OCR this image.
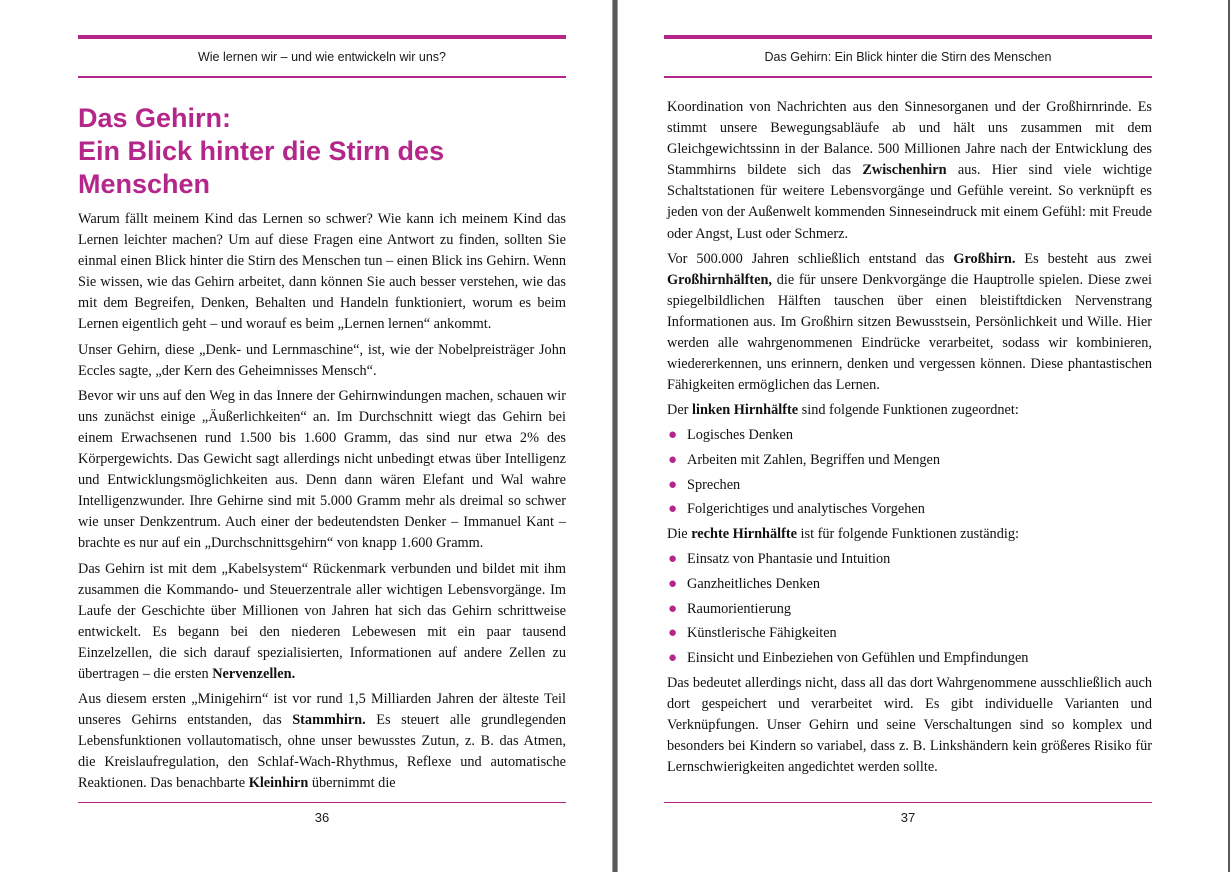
Wie lernen wir – und wie entwickeln wir uns?
Das Gehirn:
Ein Blick hinter die Stirn des Menschen

Warum fällt meinem Kind das Lernen so schwer? Wie kann ich meinem Kind das Lernen leichter machen? Um auf diese Fragen eine Antwort zu finden, sollten Sie einmal einen Blick hinter die Stirn des Menschen tun – einen Blick ins Gehirn. Wenn Sie wissen, wie das Gehirn arbeitet, dann können Sie auch besser verstehen, wie das mit dem Begreifen, Denken, Behalten und Handeln funktioniert, worum es beim Lernen eigentlich geht – und worauf es beim „Lernen lernen“ ankommt.

Unser Gehirn, diese „Denk- und Lernmaschine“, ist, wie der Nobelpreisträger John Eccles sagte, „der Kern des Geheimnisses Mensch“.

Bevor wir uns auf den Weg in das Innere der Gehirnwindungen machen, schauen wir uns zunächst einige „Äußerlichkeiten“ an. Im Durchschnitt wiegt das Gehirn bei einem Erwachsenen rund 1.500 bis 1.600 Gramm, das sind nur etwa 2% des Körpergewichts. Das Gewicht sagt allerdings nicht unbedingt etwas über Intelligenz und Entwicklungsmöglichkeiten aus. Denn dann wären Elefant und Wal wahre Intelligenzwunder. Ihre Gehirne sind mit 5.000 Gramm mehr als dreimal so schwer wie unser Denkzentrum. Auch einer der bedeutendsten Denker – Immanuel Kant – brachte es nur auf ein „Durchschnittsgehirn“ von knapp 1.600 Gramm.

Das Gehirn ist mit dem „Kabelsystem“ Rückenmark verbunden und bildet mit ihm zusammen die Kommando- und Steuerzentrale aller wichtigen Lebensvorgänge. Im Laufe der Geschichte über Millionen von Jahren hat sich das Gehirn schrittweise entwickelt. Es begann bei den niederen Lebewesen mit ein paar tausend Einzelzellen, die sich darauf spezialisierten, Informationen auf andere Zellen zu übertragen – die ersten Nervenzellen.

Aus diesem ersten „Minigehirn“ ist vor rund 1,5 Milliarden Jahren der älteste Teil unseres Gehirns entstanden, das Stammhirn. Es steuert alle grundlegenden Lebensfunktionen vollautomatisch, ohne unser bewusstes Zutun, z. B. das Atmen, die Kreislaufregulation, den Schlaf-Wach-Rhythmus, Reflexe und automatische Reaktionen. Das benachbarte Kleinhirn übernimmt die

36
Das Gehirn: Ein Blick hinter die Stirn des Menschen

Koordination von Nachrichten aus den Sinnesorganen und der Großhirnrinde. Es stimmt unsere Bewegungsabläufe ab und hält uns zusammen mit dem Gleichgewichtssinn in der Balance. 500 Millionen Jahre nach der Entwicklung des Stammhirns bildete sich das Zwischenhirn aus. Hier sind viele wichtige Schaltstationen für weitere Lebensvorgänge und Gefühle vereint. So verknüpft es jeden von der Außenwelt kommenden Sinneseindruck mit einem Gefühl: mit Freude oder Angst, Lust oder Schmerz.

Vor 500.000 Jahren schließlich entstand das Großhirn. Es besteht aus zwei Großhirnhälften, die für unsere Denkvorgänge die Hauptrolle spielen. Diese zwei spiegelbildlichen Hälften tauschen über einen bleistiftdicken Nervenstrang Informationen aus. Im Großhirn sitzen Bewusstsein, Persönlichkeit und Wille. Hier werden alle wahrgenommenen Eindrücke verarbeitet, sodass wir kombinieren, wiedererkennen, uns erinnern, denken und vergessen können. Diese phantastischen Fähigkeiten ermöglichen das Lernen.

Der linken Hirnhälfte sind folgende Funktionen zugeordnet:

● Logisches Denken
● Arbeiten mit Zahlen, Begriffen und Mengen
● Sprechen
● Folgerichtiges und analytisches Vorgehen

Die rechte Hirnhälfte ist für folgende Funktionen zuständig:

● Einsatz von Phantasie und Intuition
● Ganzheitliches Denken
● Raumorientierung
● Künstlerische Fähigkeiten
● Einsicht und Einbeziehen von Gefühlen und Empfindungen

Das bedeutet allerdings nicht, dass all das dort Wahrgenommene ausschließlich auch dort gespeichert und verarbeitet wird. Es gibt individuelle Varianten und Verknüpfungen. Unser Gehirn und seine Verschaltungen sind so komplex und besonders bei Kindern so variabel, dass z. B. Linkshändern kein größeres Risiko für Lernschwierigkeiten angedichtet werden sollte.

37
